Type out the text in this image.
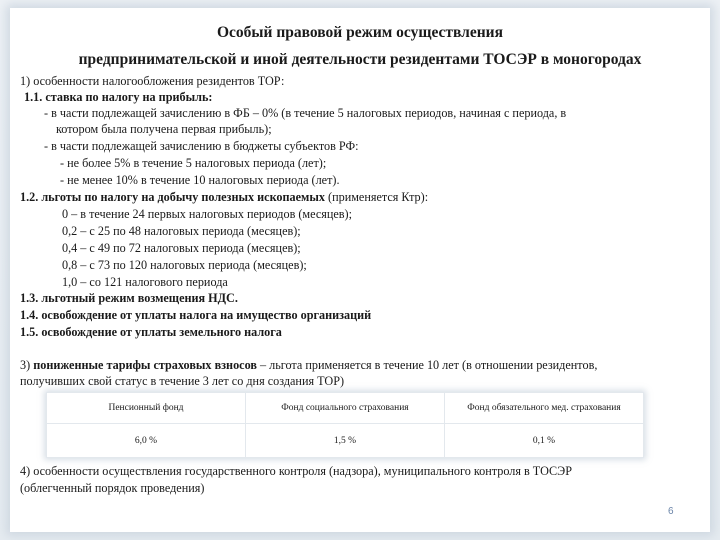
Особый правовой режим осуществления
предпринимательской и иной деятельности резидентами ТОСЭР в моногородах
1) особенности налогообложения резидентов ТОР:
1.1. ставка по налогу на прибыль:
- в части подлежащей зачислению в ФБ – 0% (в течение 5 налоговых периодов, начиная с периода, в
котором была получена первая прибыль);
- в части подлежащей зачислению в бюджеты субъектов РФ:
- не более 5% в течение 5 налоговых периода (лет);
- не менее 10% в течение 10 налоговых периода (лет).
1.2. льготы по налогу на добычу полезных ископаемых (применяется Ктр):
0 – в течение 24 первых налоговых периодов (месяцев);
0,2 – с 25 по 48 налоговых периода (месяцев);
0,4 – с 49 по 72 налоговых периода (месяцев);
0,8 – с 73 по 120 налоговых периода (месяцев);
1,0 – со 121 налогового периода
1.3. льготный режим возмещения НДС.
1.4. освобождение от уплаты налога на имущество организаций
1.5. освобождение от уплаты земельного налога
3) пониженные тарифы страховых взносов – льгота применяется в течение 10 лет (в отношении резидентов,
получивших свой статус в течение 3 лет со дня создания ТОР)
Пенсионный фонд	Фонд социального страхования	Фонд обязательного мед. страхования
6,0 %	1,5 %	0,1 %
4) особенности осуществления государственного контроля (надзора), муниципального контроля в ТОСЭР
(облегченный порядок проведения)
6
